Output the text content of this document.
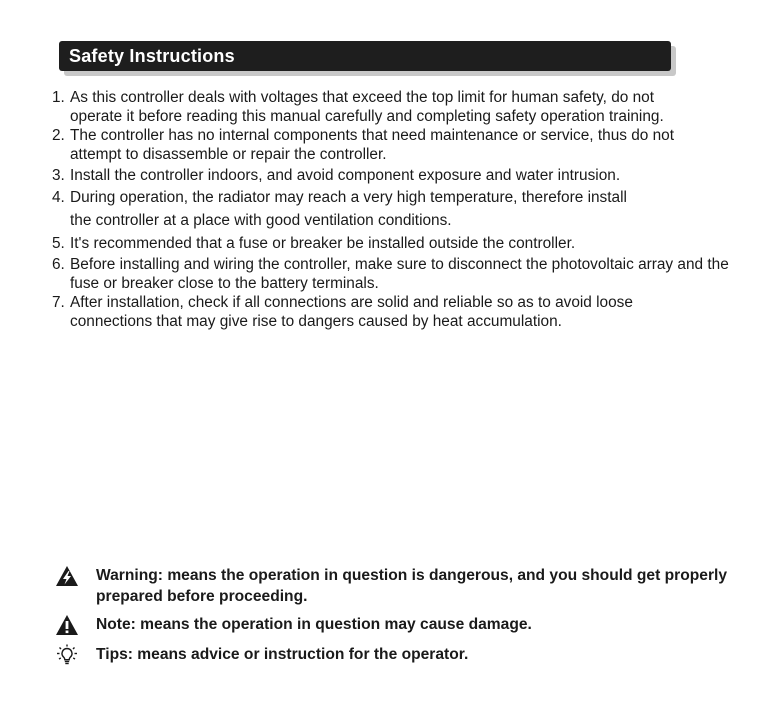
Safety Instructions
1. As this controller deals with voltages that exceed the top limit for human safety, do not operate it before reading this manual carefully and completing safety operation training.
2. The controller has no internal components that need maintenance or service, thus do not attempt to disassemble or repair the controller.
3. Install the controller indoors, and avoid component exposure and water intrusion.
4. During operation, the radiator may reach a very high temperature, therefore install the controller at a place with good ventilation conditions.
5. It's recommended that a fuse or breaker be installed outside the controller.
6. Before installing and wiring the controller, make sure to disconnect the photovoltaic array and the fuse or breaker close to the battery terminals.
7. After installation, check if all connections are solid and reliable so as to avoid loose connections that may give rise to dangers caused by heat accumulation.
Warning: means the operation in question is dangerous, and you should get properly prepared before proceeding.
Note: means the operation in question may cause damage.
Tips: means advice or instruction for the operator.
